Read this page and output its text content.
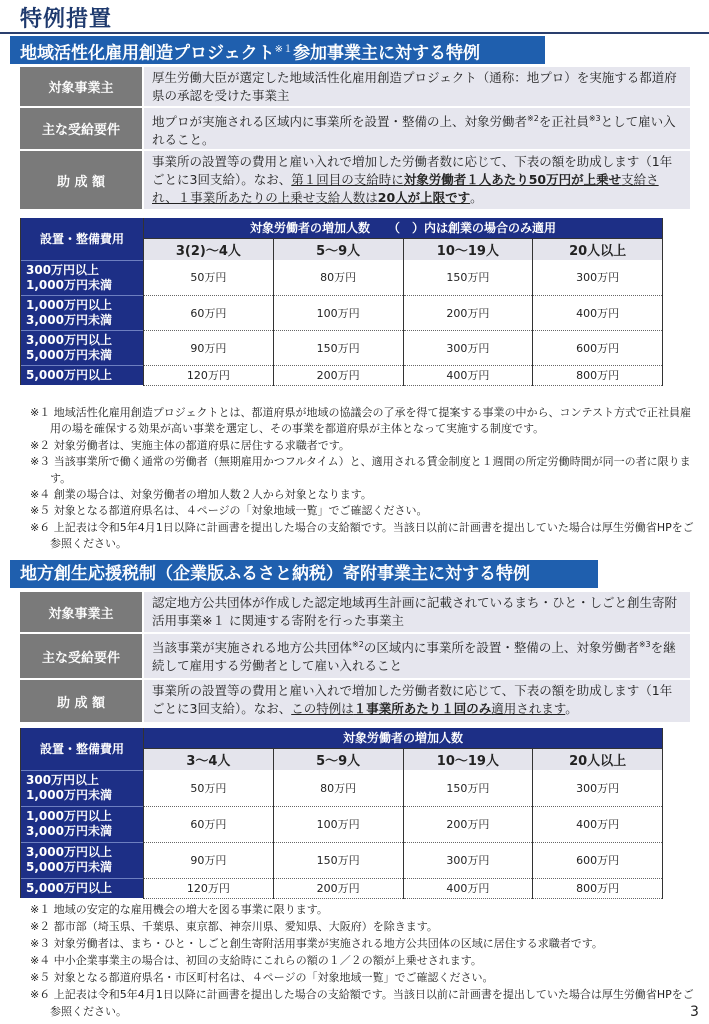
特例措置
地域活性化雇用創造プロジェクト$^{※1}$参加事業主に対する特例
対象事業主
厚生労働大臣が選定した地域活性化雇用創造プロジェクト（通称：地プロ）を実施する都道府県の承認を受けた事業主
主な受給要件
地プロが実施される区域内に事業所を設置・整備の上、対象労働者$^{※2}$を正社員$^{※3}$として雇い入れること。
助 成 額
事業所の設置等の費用と雇い入れで増加した労働者数に応じて、下表の額を助成します（1年ごとに3回支給）。なお、第１回目の支給時に対象労働者１人あたり50万円が上乗せ支給され、１事業所あたりの上乗せ支給人数は20人が上限です。
設置・整備費用	対象労働者の増加人数　　（　）内は創業の場合のみ適用			
	3(2)～4人	5～9人	10～19人	20人以上

300万円以上
1,000万円未満	50万円	80万円	150万円	300万円

1,000万円以上
3,000万円未満	60万円	100万円	200万円	400万円

3,000万円以上
5,000万円未満	90万円	150万円	300万円	600万円

5,000万円以上	120万円	200万円	400万円	800万円
※１ 地域活性化雇用創造プロジェクトとは、都道府県が地域の協議会の了承を得て提案する事業の中から、コンテスト方式で正社員雇用の場を確保する効果が高い事業を選定し、その事業を都道府県が主体となって実施する制度です。
※２ 対象労働者は、実施主体の都道府県に居住する求職者です。
※３ 当該事業所で働く通常の労働者（無期雇用かつフルタイム）と、適用される賃金制度と１週間の所定労働時間が同一の者に限ります。
※４ 創業の場合は、対象労働者の増加人数２人から対象となります。
※５ 対象となる都道府県名は、４ページの「対象地域一覧」でご確認ください。
※６ 上記表は令和5年4月1日以降に計画書を提出した場合の支給額です。当該日以前に計画書を提出していた場合は厚生労働省HPをご参照ください。
地方創生応援税制（企業版ふるさと納税）寄附事業主に対する特例
対象事業主
認定地方公共団体が作成した認定地域再生計画に記載されているまち・ひと・しごと創生寄附活用事業※１ に関連する寄附を行った事業主
主な受給要件
当該事業が実施される地方公共団体$^{※2}$の区域内に事業所を設置・整備の上、対象労働者$^{※3}$を継続して雇用する労働者として雇い入れること
助 成 額
事業所の設置等の費用と雇い入れで増加した労働者数に応じて、下表の額を助成します（1年ごとに3回支給）。なお、この特例は１事業所あたり１回のみ適用されます。
設置・整備費用	対象労働者の増加人数			
	3～4人	5～9人	10～19人	20人以上

300万円以上
1,000万円未満	50万円	80万円	150万円	300万円

1,000万円以上
3,000万円未満	60万円	100万円	200万円	400万円

3,000万円以上
5,000万円未満	90万円	150万円	300万円	600万円

5,000万円以上	120万円	200万円	400万円	800万円
※１ 地域の安定的な雇用機会の増大を図る事業に限ります。
※２ 都市部（埼玉県、千葉県、東京都、神奈川県、愛知県、大阪府）を除きます。
※３ 対象労働者は、まち・ひと・しごと創生寄附活用事業が実施される地方公共団体の区域に居住する求職者です。
※４ 中小企業事業主の場合は、初回の支給時にこれらの額の１／２の額が上乗せされます。
※５ 対象となる都道府県名・市区町村名は、４ページの「対象地域一覧」でご確認ください。
※６ 上記表は令和5年4月1日以降に計画書を提出した場合の支給額です。当該日以前に計画書を提出していた場合は厚生労働省HPをご参照ください。	3
